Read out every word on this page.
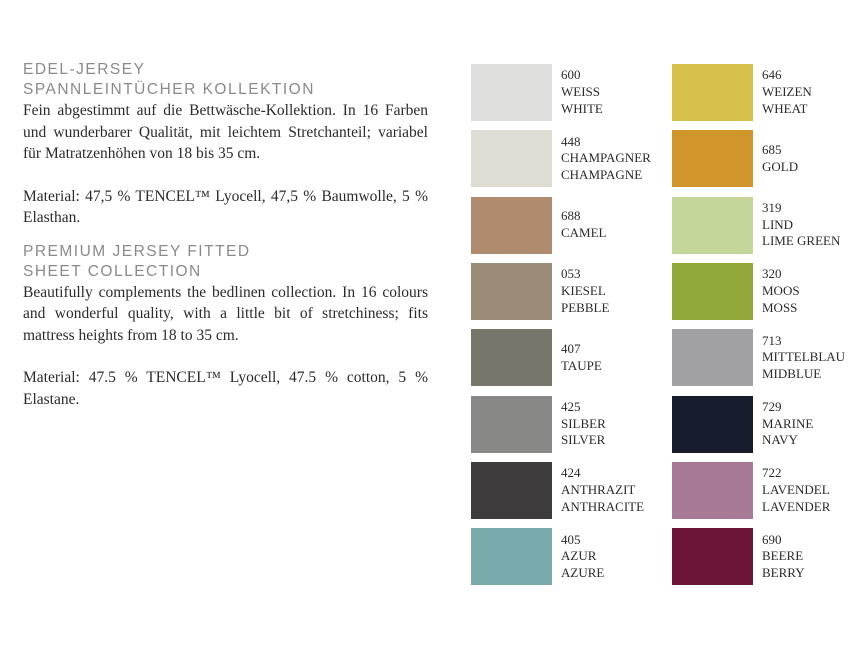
EDEL-JERSEY
SPANNLEINTÜCHER KOLLEKTION

Fein abgestimmt auf die Bettwäsche-Kollektion. In 16 Farben und wunderbarer Qualität, mit leichtem Stretchanteil; variabel für Matratzenhöhen von 18 bis 35 cm.

Material: 47,5 % TENCEL™ Lyocell, 47,5 % Baumwolle, 5 % Elasthan.

PREMIUM JERSEY FITTED
SHEET COLLECTION

Beautifully complements the bedlinen collection. In 16 colours and wonderful quality, with a little bit of stretchiness; fits mattress heights from 18 to 35 cm.

Material: 47.5 % TENCEL™ Lyocell, 47.5 % cotton, 5 % Elastane.

600
WEISS
WHITE
448
CHAMPAGNER
CHAMPAGNE
688
CAMEL
053
KIESEL
PEBBLE
407
TAUPE
425
SILBER
SILVER
424
ANTHRAZIT
ANTHRACITE
405
AZUR
AZURE
646
WEIZEN
WHEAT
685
GOLD
319
LIND
LIME GREEN
320
MOOS
MOSS
713
MITTELBLAU
MIDBLUE
729
MARINE
NAVY
722
LAVENDEL
LAVENDER
690
BEERE
BERRY
